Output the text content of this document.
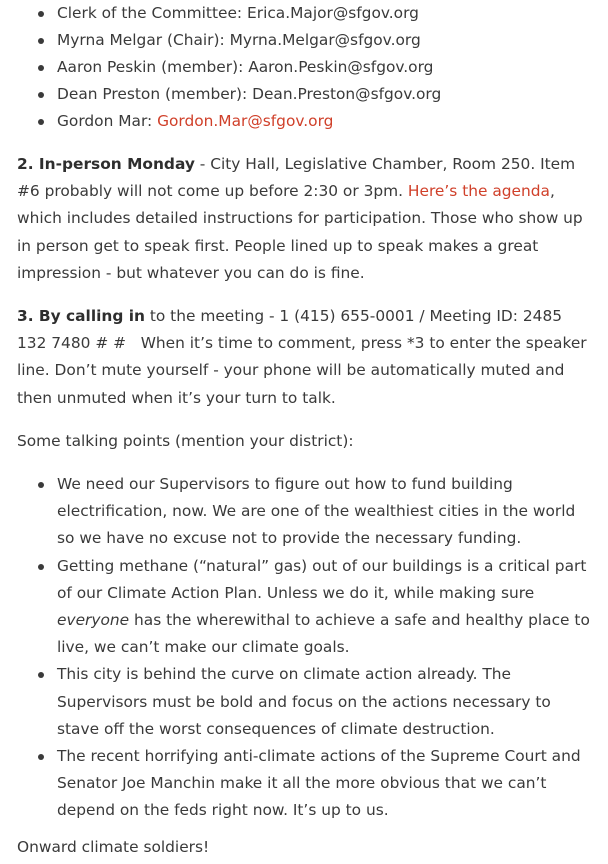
Clerk of the Committee: Erica.Major@sfgov.org
Myrna Melgar (Chair): Myrna.Melgar@sfgov.org
Aaron Peskin (member): Aaron.Peskin@sfgov.org
Dean Preston (member): Dean.Preston@sfgov.org
Gordon Mar: Gordon.Mar@sfgov.org

2. In-person Monday - City Hall, Legislative Chamber, Room 250. Item #6 probably will not come up before 2:30 or 3pm. Here’s the agenda, which includes detailed instructions for participation. Those who show up in person get to speak first. People lined up to speak makes a great impression - but whatever you can do is fine.

3. By calling in to the meeting - 1 (415) 655-0001 / Meeting ID: 2485 132 7480 # #   When it’s time to comment, press *3 to enter the speaker line. Don’t mute yourself - your phone will be automatically muted and then unmuted when it’s your turn to talk.

Some talking points (mention your district):

We need our Supervisors to figure out how to fund building electrification, now. We are one of the wealthiest cities in the world so we have no excuse not to provide the necessary funding.
Getting methane (“natural” gas) out of our buildings is a critical part of our Climate Action Plan. Unless we do it, while making sure everyone has the wherewithal to achieve a safe and healthy place to live, we can’t make our climate goals.
This city is behind the curve on climate action already. The Supervisors must be bold and focus on the actions necessary to stave off the worst consequences of climate destruction.
The recent horrifying anti-climate actions of the Supreme Court and Senator Joe Manchin make it all the more obvious that we can’t depend on the feds right now. It’s up to us.

Onward climate soldiers!
